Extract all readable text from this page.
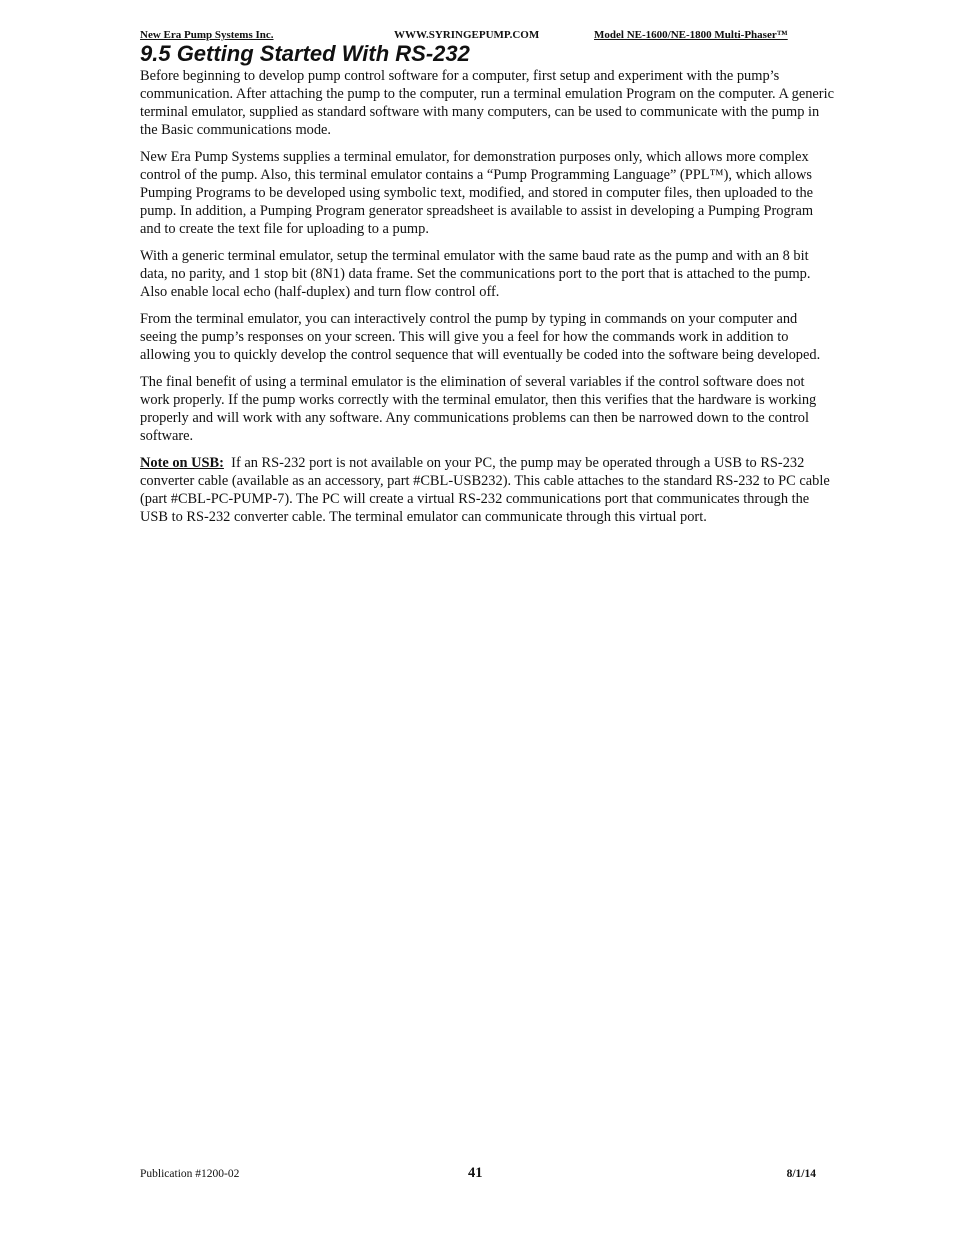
New Era Pump Systems Inc.	WWW.SYRINGEPUMP.COM	Model NE-1600/NE-1800 Multi-Phaser™
9.5 Getting Started With RS-232

Before beginning to develop pump control software for a computer, first setup and experiment with the pump’s communication. After attaching the pump to the computer, run a terminal emulation Program on the computer. A generic terminal emulator, supplied as standard software with many computers, can be used to communicate with the pump in the Basic communications mode.

New Era Pump Systems supplies a terminal emulator, for demonstration purposes only, which allows more complex control of the pump. Also, this terminal emulator contains a “Pump Programming Language” (PPL™), which allows Pumping Programs to be developed using symbolic text, modified, and stored in computer files, then uploaded to the pump. In addition, a Pumping Program generator spreadsheet is available to assist in developing a Pumping Program and to create the text file for uploading to a pump.

With a generic terminal emulator, setup the terminal emulator with the same baud rate as the pump and with an 8 bit data, no parity, and 1 stop bit (8N1) data frame. Set the communications port to the port that is attached to the pump. Also enable local echo (half-duplex) and turn flow control off.

From the terminal emulator, you can interactively control the pump by typing in commands on your computer and seeing the pump’s responses on your screen. This will give you a feel for how the commands work in addition to allowing you to quickly develop the control sequence that will eventually be coded into the software being developed.

The final benefit of using a terminal emulator is the elimination of several variables if the control software does not work properly. If the pump works correctly with the terminal emulator, then this verifies that the hardware is working properly and will work with any software. Any communications problems can then be narrowed down to the control software.

Note on USB: If an RS-232 port is not available on your PC, the pump may be operated through a USB to RS-232 converter cable (available as an accessory, part #CBL-USB232). This cable attaches to the standard RS-232 to PC cable (part #CBL-PC-PUMP-7). The PC will create a virtual RS-232 communications port that communicates through the USB to RS-232 converter cable. The terminal emulator can communicate through this virtual port.

Publication #1200-02	41	8/1/14
